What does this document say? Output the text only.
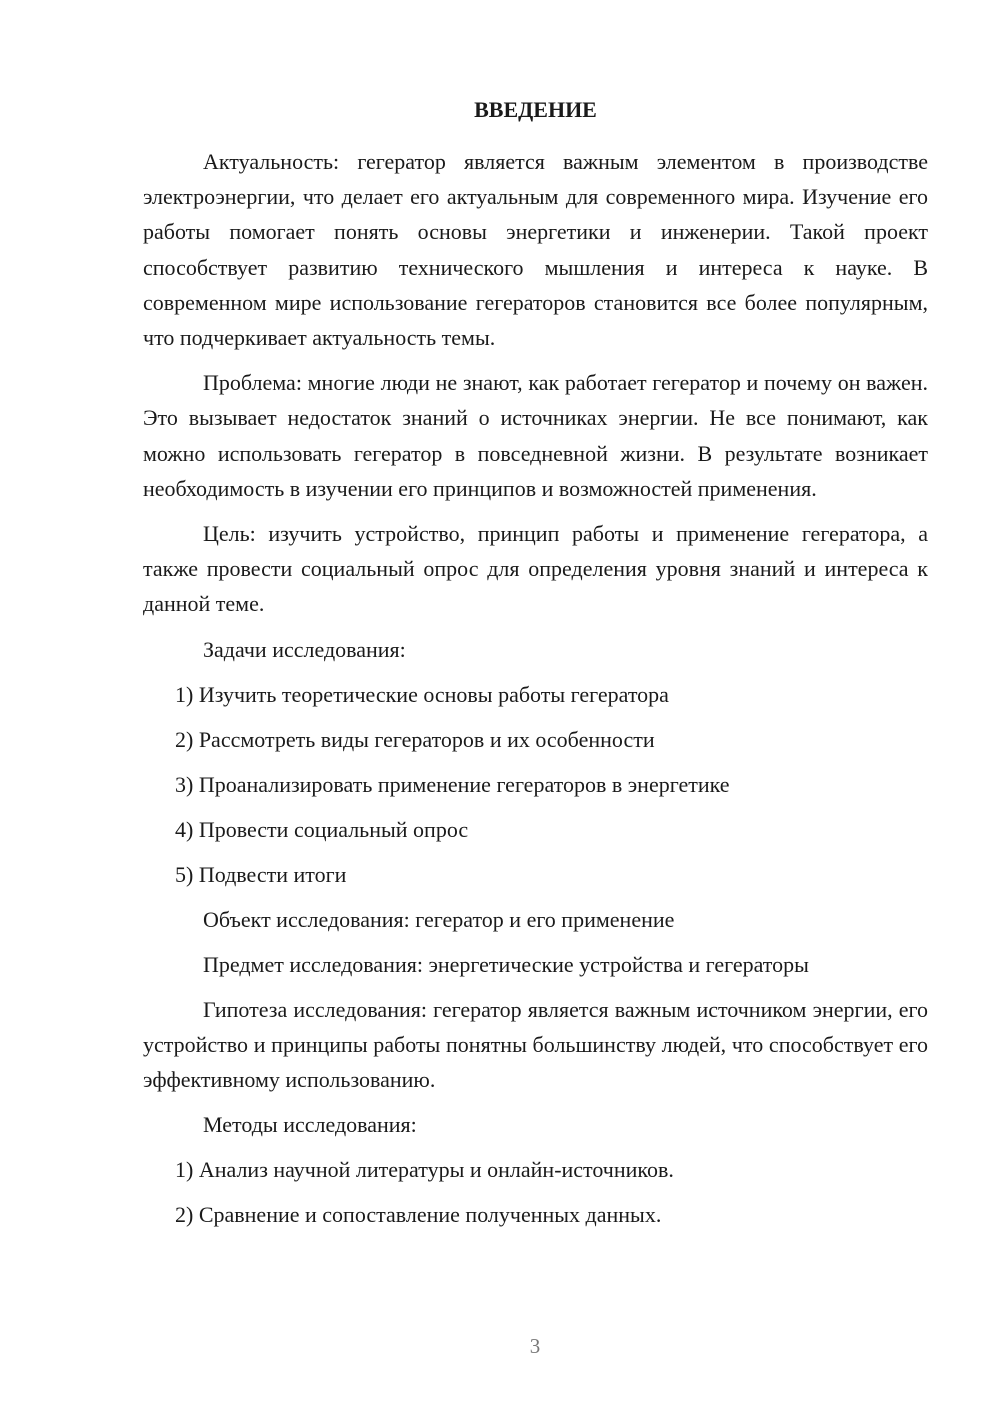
ВВЕДЕНИЕ

Актуальность: гегератор является важным элементом в производстве электроэнергии, что делает его актуальным для современного мира. Изучение его работы помогает понять основы энергетики и инженерии. Такой проект способствует развитию технического мышления и интереса к науке. В современном мире использование гегераторов становится все более популярным, что подчеркивает актуальность темы.

Проблема: многие люди не знают, как работает гегератор и почему он важен. Это вызывает недостаток знаний о источниках энергии. Не все понимают, как можно использовать гегератор в повседневной жизни. В результате возникает необходимость в изучении его принципов и возможностей применения.

Цель: изучить устройство, принцип работы и применение гегератора, а также провести социальный опрос для определения уровня знаний и интереса к данной теме.

Задачи исследования:

1) Изучить теоретические основы работы гегератора
2) Рассмотреть виды гегераторов и их особенности
3) Проанализировать применение гегераторов в энергетике
4) Провести социальный опрос
5) Подвести итоги

Объект исследования: гегератор и его применение

Предмет исследования: энергетические устройства и гегераторы

Гипотеза исследования: гегератор является важным источником энергии, его устройство и принципы работы понятны большинству людей, что способствует его эффективному использованию.

Методы исследования:

1) Анализ научной литературы и онлайн-источников.
2) Сравнение и сопоставление полученных данных.
3
